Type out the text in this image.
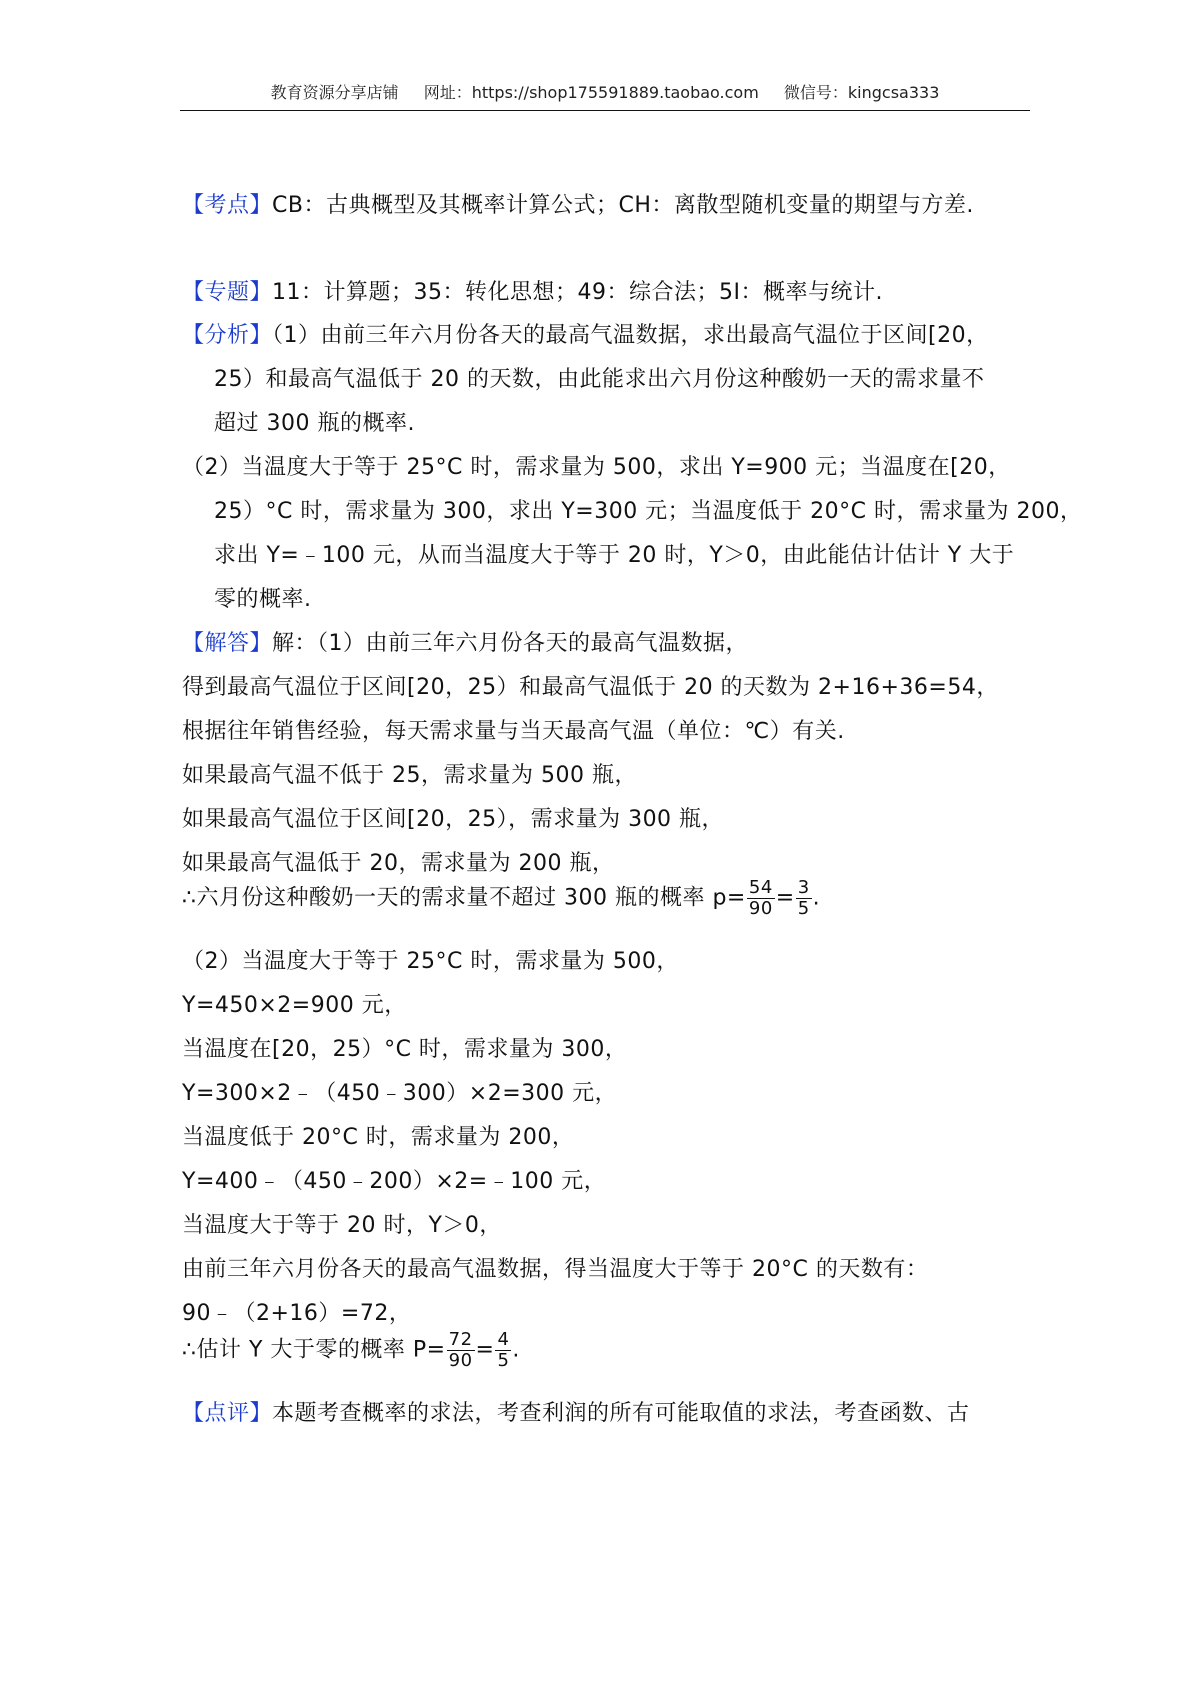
教育资源分享店铺 网址：https://shop175591889.taobao.com 微信号：kingcsa333
【考点】CB：古典概型及其概率计算公式；CH：离散型随机变量的期望与方差.
【专题】11：计算题；35：转化思想；49：综合法；5I：概率与统计.
【分析】（1）由前三年六月份各天的最高气温数据，求出最高气温位于区间[20，
25）和最高气温低于 20 的天数，由此能求出六月份这种酸奶一天的需求量不
超过 300 瓶的概率.
（2）当温度大于等于 25°C 时，需求量为 500，求出 Y=900 元；当温度在[20，
25）°C 时，需求量为 300，求出 Y=300 元；当温度低于 20°C 时，需求量为 200，
求出 Y=﹣100 元，从而当温度大于等于 20 时，Y＞0，由此能估计估计 Y 大于
零的概率.
【解答】解：（1）由前三年六月份各天的最高气温数据，
得到最高气温位于区间[20，25）和最高气温低于 20 的天数为 2+16+36=54，
根据往年销售经验，每天需求量与当天最高气温（单位：℃）有关.
如果最高气温不低于 25，需求量为 500 瓶，
如果最高气温位于区间[20，25），需求量为 300 瓶，
如果最高气温低于 20，需求量为 200 瓶，
∴六月份这种酸奶一天的需求量不超过 300 瓶的概率 $p= \frac{54}{90} = \frac{3}{5}$ .
（2）当温度大于等于 25°C 时，需求量为 500，
Y=450×2=900 元，
当温度在[20，25）°C 时，需求量为 300，
Y=300×2﹣（450﹣300）×2=300 元，
当温度低于 20°C 时，需求量为 200，
Y=400﹣（450﹣200）×2=﹣100 元，
当温度大于等于 20 时，Y＞0，
由前三年六月份各天的最高气温数据，得当温度大于等于 20°C 的天数有：
90﹣（2+16）=72，
∴估计 Y 大于零的概率 $P= \frac{72}{90} = \frac{4}{5}$ .
【点评】本题考查概率的求法，考查利润的所有可能取值的求法，考查函数、古
